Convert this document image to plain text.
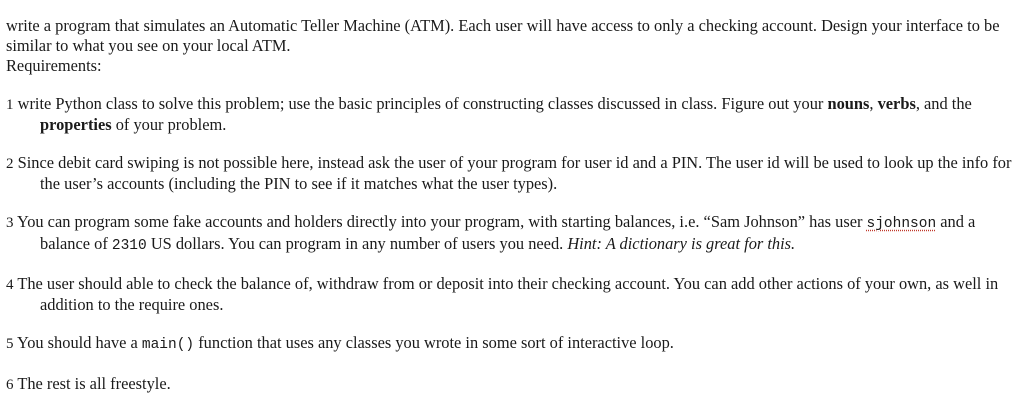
write a program that simulates an Automatic Teller Machine (ATM). Each user will have access to only a checking account. Design your interface to be similar to what you see on your local ATM.

Requirements:

1 write Python class to solve this problem; use the basic principles of constructing classes discussed in class. Figure out your nouns, verbs, and the properties of your problem.

2 Since debit card swiping is not possible here, instead ask the user of your program for user id and a PIN. The user id will be used to look up the info for the user’s accounts (including the PIN to see if it matches what the user types).

3 You can program some fake accounts and holders directly into your program, with starting balances, i.e. “Sam Johnson” has user sjohnson and a balance of 2310 US dollars. You can program in any number of users you need. Hint: A dictionary is great for this.

4 The user should able to check the balance of, withdraw from or deposit into their checking account. You can add other actions of your own, as well in addition to the require ones.

5 You should have a main() function that uses any classes you wrote in some sort of interactive loop.

6 The rest is all freestyle.
